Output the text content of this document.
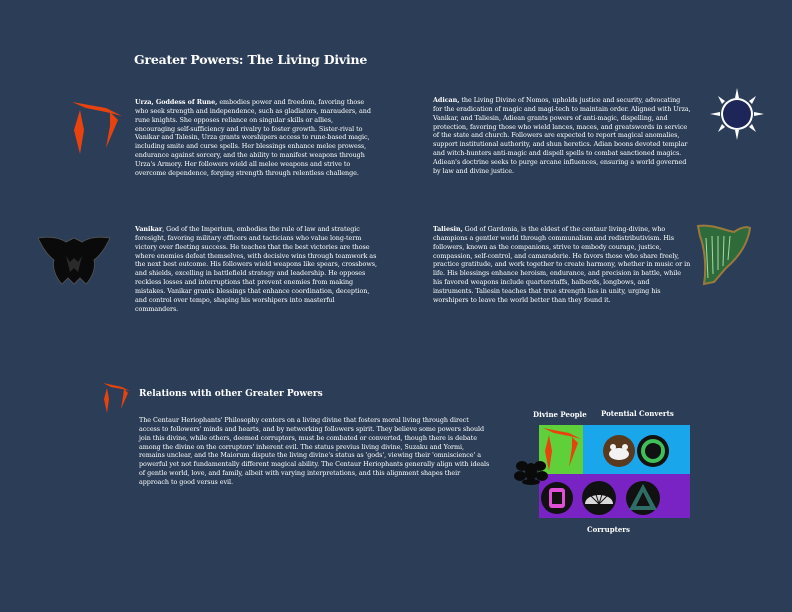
Greater Powers: The Living Divine
Urza, Goddess of Rune, embodies power and freedom, favoring those who seek strength and independence, such as gladiators, marauders, and rune knights. She opposes reliance on singular skills or allies, encouraging self-sufficiency and rivalry to foster growth. Sister-rival to Vanikar and Talesin, Urza grants worshipers access to rune-based magic, including smite and curse spells. Her blessings enhance melee prowess, endurance against sorcery, and the ability to manifest weapons through Urza's Armory. Her followers wield all melee weapons and strive to overcome dependence, forging strength through relentless challenge.
Adican, the Living Divine of Nomos, upholds justice and security, advocating for the eradication of magic and magi-tech to maintain order. Aligned with Urza, Vanikar, and Taliesin, Adiean grants powers of anti-magic, dispelling, and protection, favoring those who wield lances, maces, and greatswords in service of the state and church. Followers are expected to report magical anomalies, support institutional authority, and shun heretics. Adian boons devoted templar and witch-hunters anti-magic and dispell spells to combat sanctioned magics. Adiean's doctrine seeks to purge arcane influences, ensuring a world governed by law and divine justice.
Vanikar, God of the Imperium, embodies the rule of law and strategic foresight, favoring military officers and tacticians who value long-term victory over fleeting success. He teaches that the best victories are those where enemies defeat themselves, with decisive wins through teamwork as the next best outcome. His followers wield weapons like spears, crossbows, and shields, excelling in battlefield strategy and leadership. He opposes reckless losses and interruptions that prevent enemies from making mistakes. Vanikar grants blessings that enhance coordination, deception, and control over tempo, shaping his worshipers into masterful commanders.
Taliesin, God of Gardonia, is the eldest of the centaur living-divine, who champions a gentler world through communalism and redistributivism. His followers, known as the companions, strive to embody courage, justice, compassion, self-control, and camaraderie. He favors those who share freely, practice gratitude, and work together to create harmony, whether in music or in life. His blessings enhance heroism, endurance, and precision in battle, while his favored weapons include quarterstaffs, halberds, longbows, and instruments. Taliesin teaches that true strength lies in unity, urging his worshipers to leave the world better than they found it.
Relations with other Greater Powers
The Centaur Heriophants' Philosophy centers on a living divine that fosters moral living through direct access to followers' minds and hearts, and by networking followers spirit. They believe some powers should join this divine, while others, deemed corruptors, must be combated or converted, though there is debate among the divine on the corruptors' inherent evil. The status previus living divine, Suzaku and Yormi, remains unclear, and the Maiorum dispute the living divine's status as 'gods', viewing their 'omniscience' a powerful yet not fundamentally different magical ability. The Centaur Heriophants generally align with ideals of gentle world, love, and family, albeit with varying interpretations, and this alignment shapes their approach to good versus evil.
Divine People Potential Converts
Corrupters
